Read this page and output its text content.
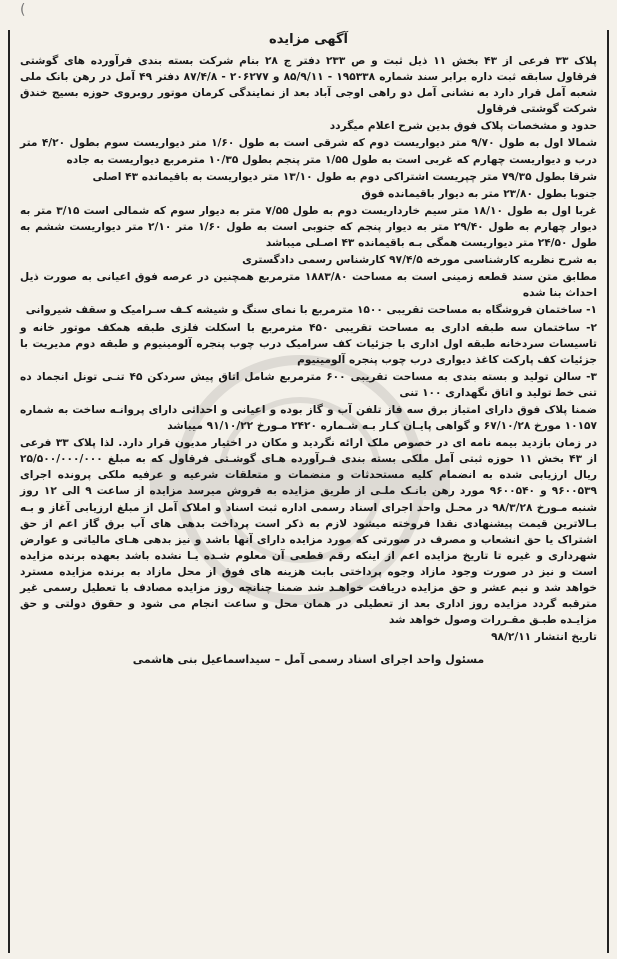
(
آگهی مزایده

پلاک ۳۳ فرعی از ۴۳ بخش ۱۱ ذیل ثبت و ص ۲۳۳ دفتر ج ۲۸ بنام شرکت بسته بندی فرآورده های گوشتی فرقاول سابقه ثبت داره برابر سند شماره ۱۹۵۳۳۸ - ۸۵/۹/۱۱ و ۲۰۶۲۷۷ - ۸۷/۴/۸ دفتر ۴۹ آمل در رهن بانک ملی شعبه آمل قرار دارد به نشانی آمل دو راهی اوجی آباد بعد از نمایندگی کرمان موتور روبروی حوزه بسیج خندق شرکت گوشتی فرقاول

حدود و مشخصات پلاک فوق بدین شرح اعلام میگردد

شمالا اول به طول ۹/۷۰ متر دیواریست دوم که شرقی است به طول ۱/۶۰ متر دیواریست سوم بطول ۴/۲۰ متر درب و دیواریست چهارم که غربی است به طول ۱/۵۵ متر پنجم بطول ۱۰/۳۵ مترمربع دیواریست به جاده

شرقا بطول ۷۹/۳۵ متر چپریست اشتراکی دوم به طول ۱۳/۱۰ متر دیواریست به باقیمانده ۴۳ اصلی

جنوبا بطول ۲۳/۸۰ متر به دیوار باقیمانده فوق

غربا اول به طول ۱۸/۱۰ متر سیم خارداریست دوم به طول ۷/۵۵ متر به دیوار سوم که شمالی است ۳/۱۵ متر به دیوار چهارم به طول ۲۹/۴۰ متر به دیوار پنجم که جنوبی است به طول ۱/۶۰ متر ۲/۱۰ متر دیواریست ششم به طول ۲۴/۵۰ متر دیواریست همگی بـه باقیمانده ۴۳ اصـلی میباشد

به شرح نظریه کارشناسی مورخه ۹۷/۴/۵ کارشناس رسمی دادگستری

مطابق متن سند قطعه زمینی است به مساحت ۱۸۸۳/۸۰ مترمربع همچنین در عرصه فوق اعیانی به صورت ذیل احداث بنا شده

۱- ساختمان فروشگاه به مساحت تقریبی ۱۵۰۰ مترمربع با نمای سنگ و شیشه کـف سـرامیک و سقف شیروانی

۲- ساختمان سه طبقه اداری به مساحت تقریبی ۴۵۰ مترمربع با اسکلت فلزی طبقه همکف موتور خانه و تاسیسات سردخانه طبقه اول اداری با جزئیات کف سرامیک درب چوب پنجره آلومینیوم و طبقه دوم مدیریت با جزئیات کف پارکت کاغذ دیواری درب چوب پنجره آلومینیوم

۳- سالن تولید و بسته بندی به مساحت تقریبی ۶۰۰ مترمربع شامل اتاق پیش سردکن ۴۵ تنـی تونل انجماد ده تنی خط تولید و اتاق نگهداری ۱۰۰ تنی

ضمنا پلاک فوق دارای امتیاز برق سه فاز تلفن آب و گاز بوده و اعیانی و احداثی دارای پروانـه ساخت به شماره ۱۰۱۵۷ مورخ ۶۷/۱۰/۲۸ و گواهی پایـان کـار بـه شـماره ۲۴۲۰ مـورخ ۹۱/۱۰/۲۲ میباشد

در زمان بازدید بیمه نامه ای در خصوص ملک ارائه نگردید و مکان در اختیار مدیون قرار دارد. لذا پلاک ۳۳ فرعی از ۴۳ بخش ۱۱ حوزه ثبتی آمل ملکی بسته بندی فـرآورده هـای گوشـتی فرقاول که به مبلغ ۲۵/۵۰۰/۰۰۰/۰۰۰ ریال ارزیابی شده به انضمام کلیه مستحدثات و منضمات و متعلقات شرعیه و عرفیه ملکی پرونده اجرای ۹۶۰۰۵۳۹ و ۹۶۰۰۵۴۰ مورد رهن بانـک ملـی از طریق مزایده به فروش میرسد مزایده از ساعت ۹ الی ۱۲ روز شنبه مـورخ ۹۸/۳/۲۸ در محـل واحد اجرای اسناد رسمی اداره ثبت اسناد و املاک آمل از مبلغ ارزیابی آغاز و بـه بـالاترین قیمت پیشنهادی نقدا فروخته میشود لازم به ذکر است پرداخت بدهی های آب برق گاز اعم از حق اشتراک یا حق انشعاب و مصرف در صورتی که مورد مزایده دارای آنها باشد و نیز بدهی هـای مالیاتی و عوارض شهرداری و غیره تا تاریخ مزایده اعم از اینکه رقم قطعی آن معلوم شـده یـا نشده باشد بعهده برنده مزایده است و نیز در صورت وجود مازاد وجوه پرداختی بابت هزینه های فوق از محل مازاد به برنده مزایده مسترد خواهد شد و نیم عشر و حق مزایده دریافت خواهـد شد ضمنا چنانچه روز مزایده مصادف با تعطیل رسمی غیر مترقبه گردد مزایده روز اداری بعد از تعطیلی در همان محل و ساعت انجام می شود و حقوق دولتی و حق مزایـده طبـق مقـررات وصول خواهد شد

تاریخ انتشار ۹۸/۲/۱۱

مسئول واحد اجرای اسناد رسمی آمل – سیداسماعیل بنی هاشمی
